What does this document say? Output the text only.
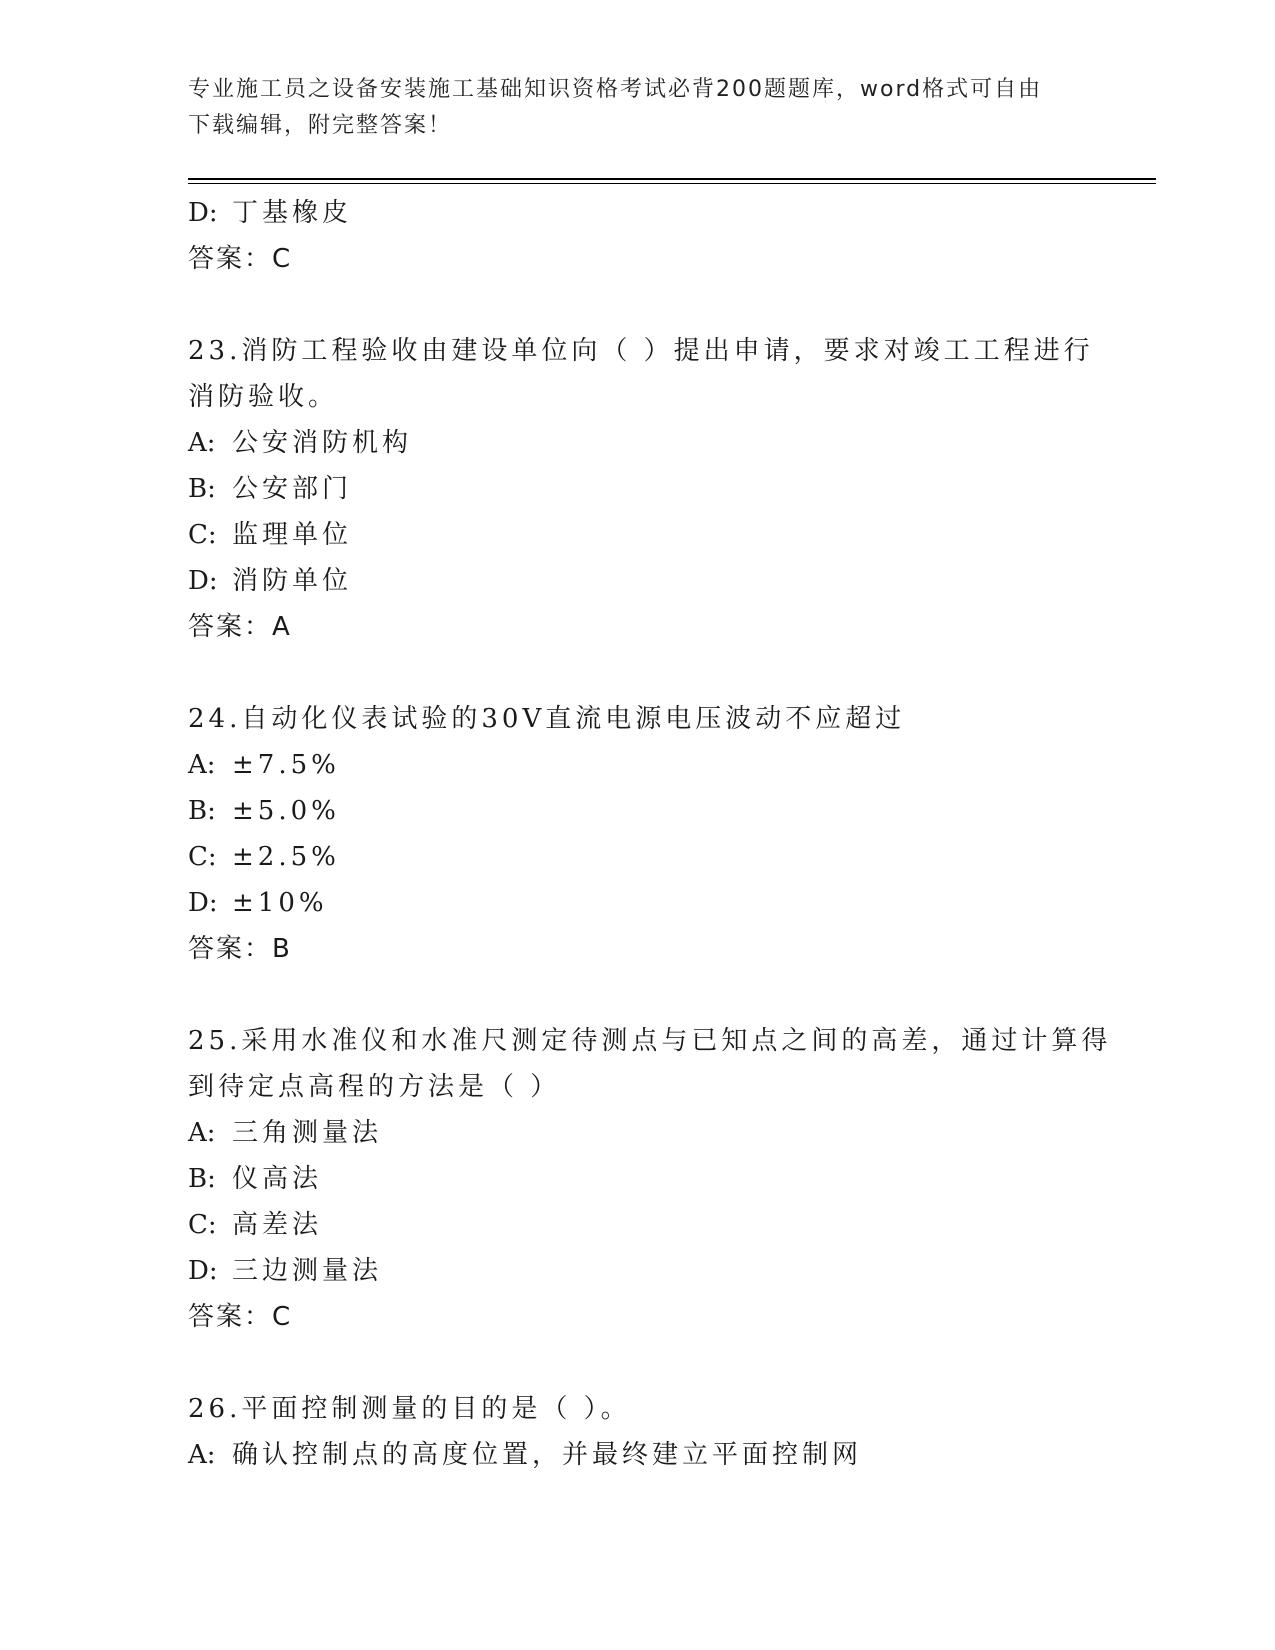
专业施工员之设备安装施工基础知识资格考试必背200题题库，word格式可自由
下载编辑，附完整答案！
D: 丁基橡皮
答案：C
23.消防工程验收由建设单位向（ ）提出申请，要求对竣工工程进行
消防验收。
A: 公安消防机构
B: 公安部门
C: 监理单位
D: 消防单位
答案：A
24.自动化仪表试验的30V直流电源电压波动不应超过
A: ±7.5%
B: ±5.0%
C: ±2.5%
D: ±10%
答案：B
25.采用水准仪和水准尺测定待测点与已知点之间的高差，通过计算得
到待定点高程的方法是（ ）
A: 三角测量法
B: 仪高法
C: 高差法
D: 三边测量法
答案：C
26.平面控制测量的目的是（ ）。
A: 确认控制点的高度位置，并最终建立平面控制网
